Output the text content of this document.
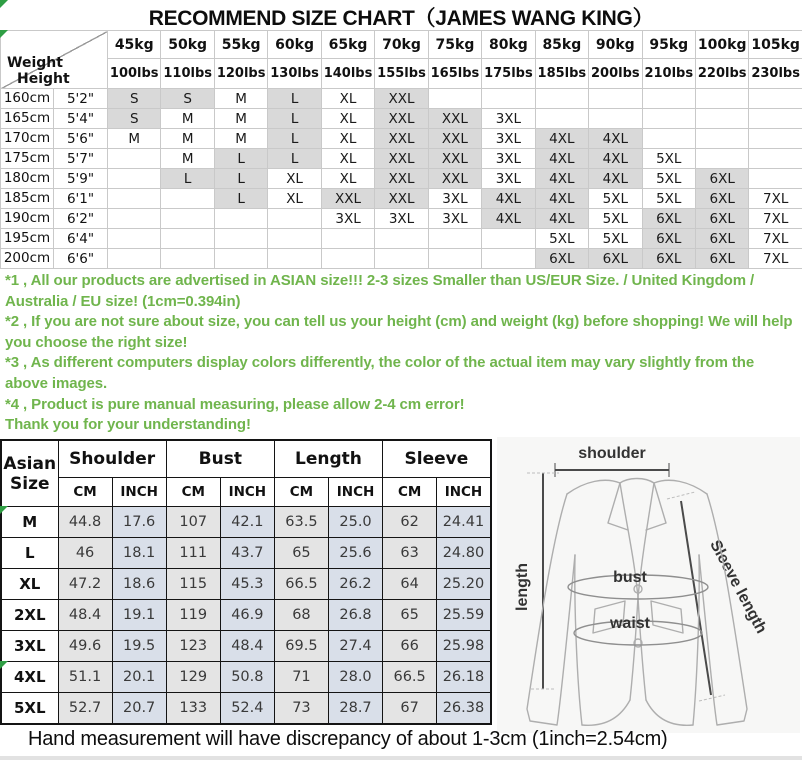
RECOMMEND SIZE CHART（JAMES WANG KING）
Weight
Height		45kg	50kg	55kg	60kg	65kg	70kg	75kg	80kg	85kg	90kg	95kg	100kg	105kg
		100lbs	110lbs	120lbs	130lbs	140lbs	155lbs	165lbs	175lbs	185lbs	200lbs	210lbs	220lbs	230lbs
160cm	5'2"	S	S	M	L	XL	XXL							
165cm	5'4"	S	M	M	L	XL	XXL	XXL	3XL					
170cm	5'6"	M	M	M	L	XL	XXL	XXL	3XL	4XL	4XL			
175cm	5'7"		M	L	L	XL	XXL	XXL	3XL	4XL	4XL	5XL		
180cm	5'9"		L	L	XL	XL	XXL	XXL	3XL	4XL	4XL	5XL	6XL	
185cm	6'1"			L	XL	XXL	XXL	3XL	4XL	4XL	5XL	5XL	6XL	7XL
190cm	6'2"					3XL	3XL	3XL	4XL	4XL	5XL	6XL	6XL	7XL
195cm	6'4"									5XL	5XL	6XL	6XL	7XL
200cm	6'6"									6XL	6XL	6XL	6XL	7XL

*1 , All our products are advertised in ASIAN size!!! 2-3 sizes Smaller than US/EUR Size. / United Kingdom / Australia / EU size! (1cm=0.394in)

*2 , If you are not sure about size, you can tell us your height (cm) and weight (kg) before shopping! We will help you choose the right size!

*3 , As different computers display colors differently, the color of the actual item may vary slightly from the above images.

*4 , Product is pure manual measuring, please allow 2-4 cm error!

Thank you for your understanding!

Asian
Size	Shoulder		Bust		Length		Sleeve	
	CM	INCH	CM	INCH	CM	INCH	CM	INCH
M	44.8	17.6	107	42.1	63.5	25.0	62	24.41
L	46	18.1	111	43.7	65	25.6	63	24.80
XL	47.2	18.6	115	45.3	66.5	26.2	64	25.20
2XL	48.4	19.1	119	46.9	68	26.8	65	25.59
3XL	49.6	19.5	123	48.4	69.5	27.4	66	25.98
4XL	51.1	20.1	129	50.8	71	28.0	66.5	26.18
5XL	52.7	20.7	133	52.4	73	28.7	67	26.38
shoulder
length	Sleeve length
bust
waist
Hand measurement will have discrepancy of about 1-3cm (1inch=2.54cm)
